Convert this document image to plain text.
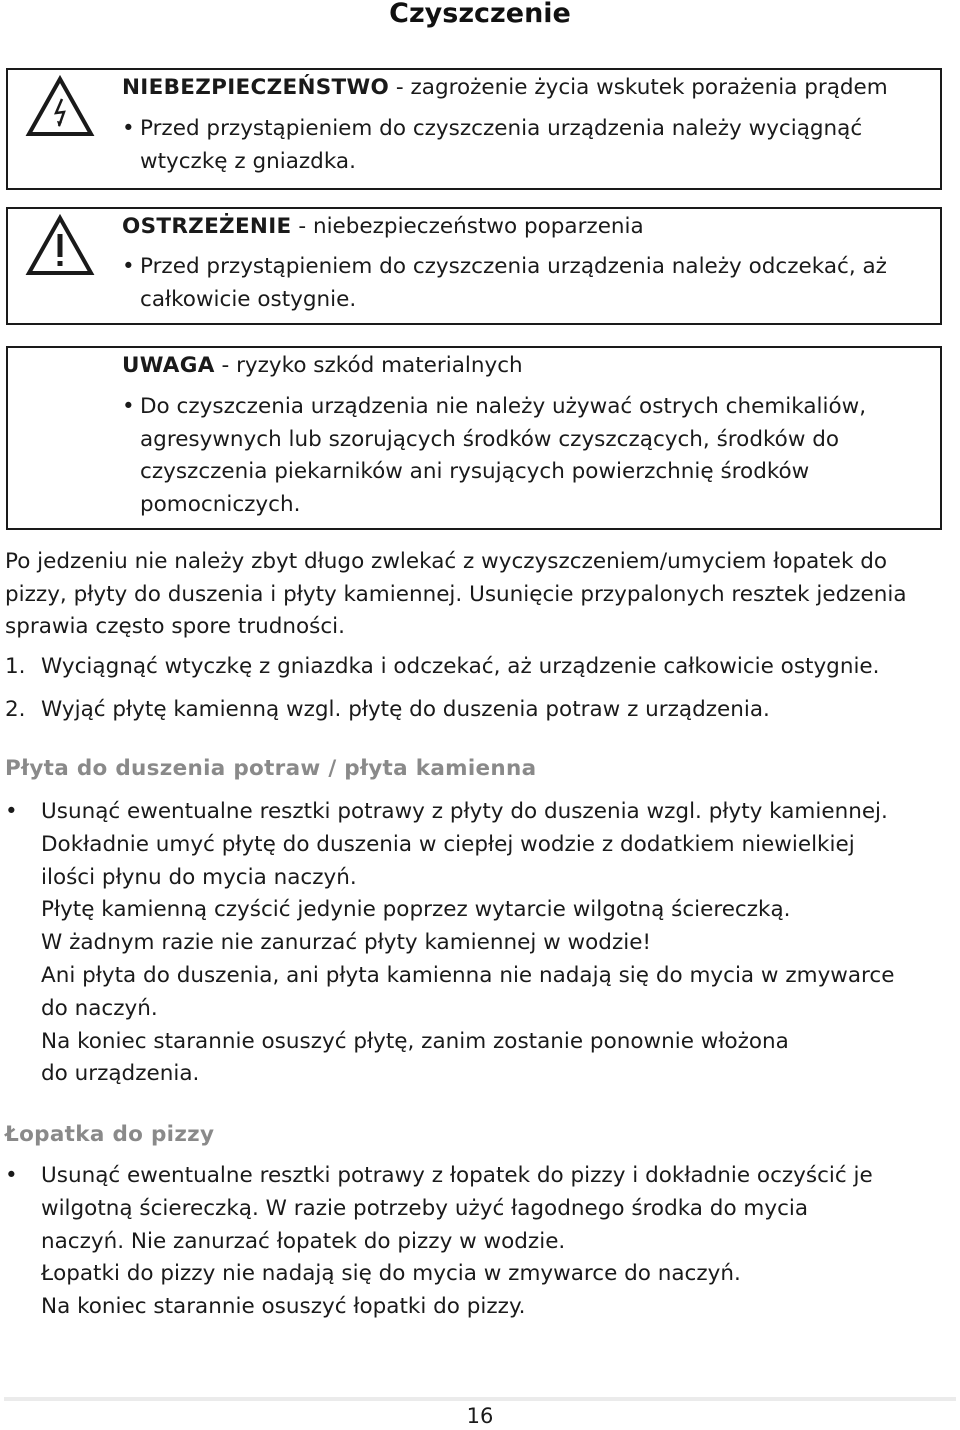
Czyszczenie
NIEBEZPIECZEŃSTWO - zagrożenie życia wskutek porażenia prądem
• Przed przystąpieniem do czyszczenia urządzenia należy wyciągnąć wtyczkę z gniazdka.
OSTRZEŻENIE - niebezpieczeństwo poparzenia
• Przed przystąpieniem do czyszczenia urządzenia należy odczekać, aż całkowicie ostygnie.
UWAGA - ryzyko szkód materialnych
• Do czyszczenia urządzenia nie należy używać ostrych chemikaliów, agresywnych lub szorujących środków czyszczących, środków do czyszczenia piekarników ani rysujących powierzchnię środków pomocniczych.
Po jedzeniu nie należy zbyt długo zwlekać z wyczyszczeniem/umyciem łopatek do pizzy, płyty do duszenia i płyty kamiennej. Usunięcie przypalonych resztek jedzenia sprawia często spore trudności.
1. Wyciągnąć wtyczkę z gniazdka i odczekać, aż urządzenie całkowicie ostygnie.
2. Wyjąć płytę kamienną wzgl. płytę do duszenia potraw z urządzenia.
Płyta do duszenia potraw / płyta kamienna
• Usunąć ewentualne resztki potrawy z płyty do duszenia wzgl. płyty kamiennej.
Dokładnie umyć płytę do duszenia w ciepłej wodzie z dodatkiem niewielkiej
ilości płynu do mycia naczyń.
Płytę kamienną czyścić jedynie poprzez wytarcie wilgotną ściereczką.
W żadnym razie nie zanurzać płyty kamiennej w wodzie!
Ani płyta do duszenia, ani płyta kamienna nie nadają się do mycia w zmywarce
do naczyń.
Na koniec starannie osuszyć płytę, zanim zostanie ponownie włożona
do urządzenia.
Łopatka do pizzy
• Usunąć ewentualne resztki potrawy z łopatek do pizzy i dokładnie oczyścić je
wilgotną ściereczką. W razie potrzeby użyć łagodnego środka do mycia
naczyń. Nie zanurzać łopatek do pizzy w wodzie.
Łopatki do pizzy nie nadają się do mycia w zmywarce do naczyń.
Na koniec starannie osuszyć łopatki do pizzy.
16
